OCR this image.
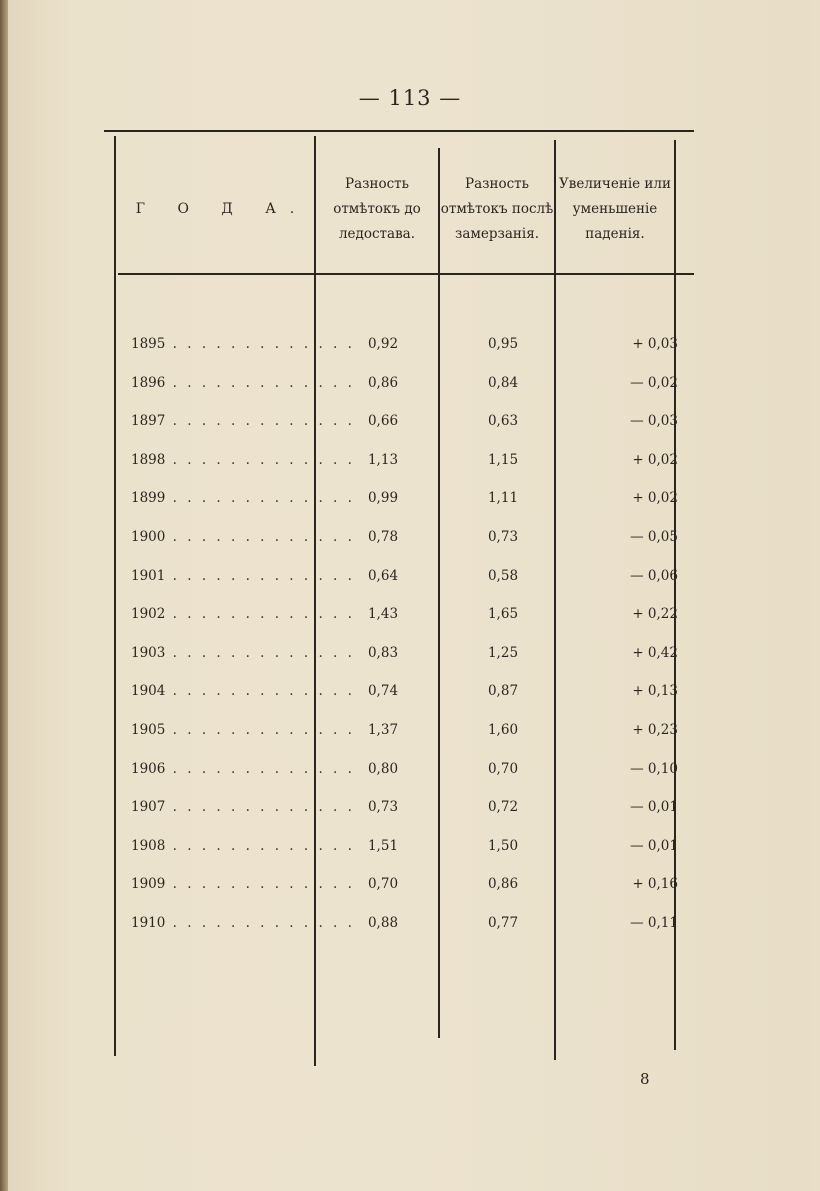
— 113 —
Г О Д А.
Разность отмѣтокъ до ледостава.
Разность отмѣтокъ послѣ замерзанія.
Увеличеніе или уменьшеніе паденія.
1895 . . . . . . . . . . . . . 0,92	0,95	+ 0,03
1896 . . . . . . . . . . . . . 0,86	0,84	— 0,02
1897 . . . . . . . . . . . . . 0,66	0,63	— 0,03
1898 . . . . . . . . . . . . . 1,13	1,15	+ 0,02
1899 . . . . . . . . . . . . . 0,99	1,11	+ 0,02
1900 . . . . . . . . . . . . . 0,78	0,73	— 0,05
1901 . . . . . . . . . . . . . 0,64	0,58	— 0,06
1902 . . . . . . . . . . . . . 1,43	1,65	+ 0,22
1903 . . . . . . . . . . . . . 0,83	1,25	+ 0,42
1904 . . . . . . . . . . . . . 0,74	0,87	+ 0,13
1905 . . . . . . . . . . . . . 1,37	1,60	+ 0,23
1906 . . . . . . . . . . . . . 0,80	0,70	— 0,10
1907 . . . . . . . . . . . . . 0,73	0,72	— 0,01
1908 . . . . . . . . . . . . . 1,51	1,50	— 0,01
1909 . . . . . . . . . . . . . 0,70	0,86	+ 0,16
1910 . . . . . . . . . . . . . 0,88	0,77	— 0,11
8
